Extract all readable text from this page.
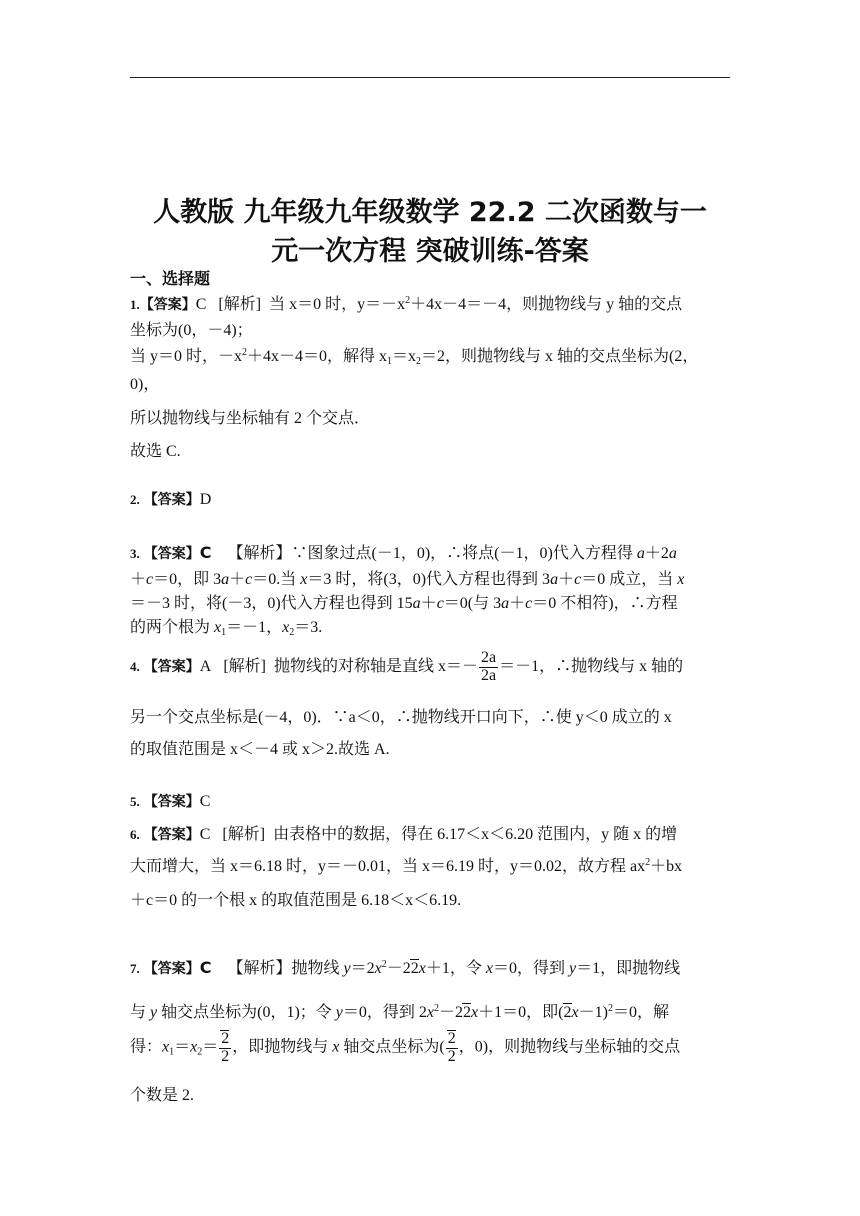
人教版 九年级九年级数学 22.2 二次函数与一
元一次方程 突破训练-答案
一、选择题
1.【答案】C [解析]  当 x＝0 时，$y=-x^2+4x-4=-4$，则抛物线与 y 轴的交点
坐标为(0，－4)；
当 y＝0 时，$-x^2+4x-4=0$，解得 $x_1=x_2=2$，则抛物线与 x 轴的交点坐标为(2，
0)，
所以抛物线与坐标轴有 2 个交点．
故选 C.
2. 【答案】D
3. 【答案】C 【解析】∵图象过点(－1，0)，∴将点(－1，0)代入方程得 a＋2a
＋c＝0，即 3a＋c＝0.当 x＝3 时，将(3，0)代入方程也得到 3a＋c＝0 成立，当 x
＝－3 时，将(－3，0)代入方程也得到 15a＋c＝0(与 3a＋c＝0 不相符)，∴方程
的两个根为 $x_1=-1$，$x_2=3$.
4. 【答案】A [解析]  抛物线的对称轴是直线 $x=- \frac{2a}{2a} =-1$，∴抛物线与 x 轴的
另一个交点坐标是(－4，0)．∵a＜0，∴抛物线开口向下，∴使 y＜0 成立的 x
的取值范围是 x＜－4 或 x＞2.故选 A.
5. 【答案】C
6. 【答案】C [解析] 由表格中的数据，得在 6.17＜x＜6.20 范围内，y 随 x 的增
大而增大，当 x＝6.18 时，y＝－0.01，当 x＝6.19 时，y＝0.02，故方程 $ax^2+bx$
＋c＝0 的一个根 x 的取值范围是 6.18＜x＜6.19.
7. 【答案】C 【解析】抛物线 $y=2x^2-22x+1$，令 x＝0，得到 y＝1，即抛物线
与 y 轴交点坐标为(0，1)；令 y＝0，得到 $2x^2-22x+1=0$，即$(2x-1)^2=0$，解
得：$x_1=x_2= \frac{2}{2}$ ，即抛物线与 x 轴交点坐标为( $\frac{2}{2}$ ，0)，则抛物线与坐标轴的交点
个数是 2.
